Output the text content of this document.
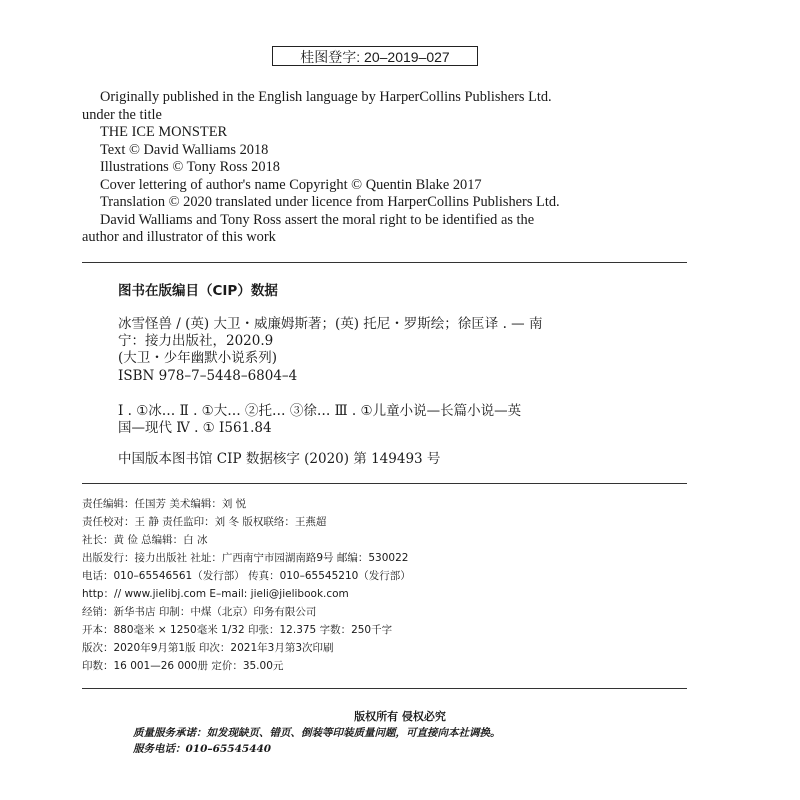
桂图登字: 20–2019–027
Originally published in the English language by HarperCollins Publishers Ltd.
under the title
THE ICE MONSTER
Text © David Walliams 2018
Illustrations © Tony Ross 2018
Cover lettering of author's name Copyright © Quentin Blake 2017
Translation © 2020 translated under licence from HarperCollins Publishers Ltd.
David Walliams and Tony Ross assert the moral right to be identified as the
author and illustrator of this work
图书在版编目（CIP）数据
冰雪怪兽 / (英) 大卫・威廉姆斯著；(英) 托尼・罗斯绘；徐匡译 . — 南
宁：接力出版社，2020.9
(大卫・少年幽默小说系列)
ISBN 978–7–5448–6804–4
Ⅰ . ①冰… Ⅱ . ①大… ②托… ③徐… Ⅲ . ①儿童小说—长篇小说—英
国—现代 Ⅳ . ① I561.84
中国版本图书馆 CIP 数据核字 (2020) 第 149493 号
责任编辑：任国芳 美术编辑：刘 悦
责任校对：王 静 责任监印：刘 冬 版权联络：王燕超
社长：黄 俭 总编辑：白 冰
出版发行：接力出版社 社址：广西南宁市园湖南路9号 邮编：530022
电话：010–65546561（发行部） 传真：010–65545210（发行部）
http：// www.jielibj.com E–mail: jieli@jielibook.com
经销：新华书店 印制：中煤（北京）印务有限公司
开本：880毫米 × 1250毫米 1/32 印张：12.375 字数：250千字
版次：2020年9月第1版 印次：2021年3月第3次印刷
印数：16 001—26 000册 定价：35.00元
版权所有 侵权必究
质量服务承诺：如发现缺页、错页、倒装等印装质量问题，可直接向本社调换。
服务电话：010–65545440
